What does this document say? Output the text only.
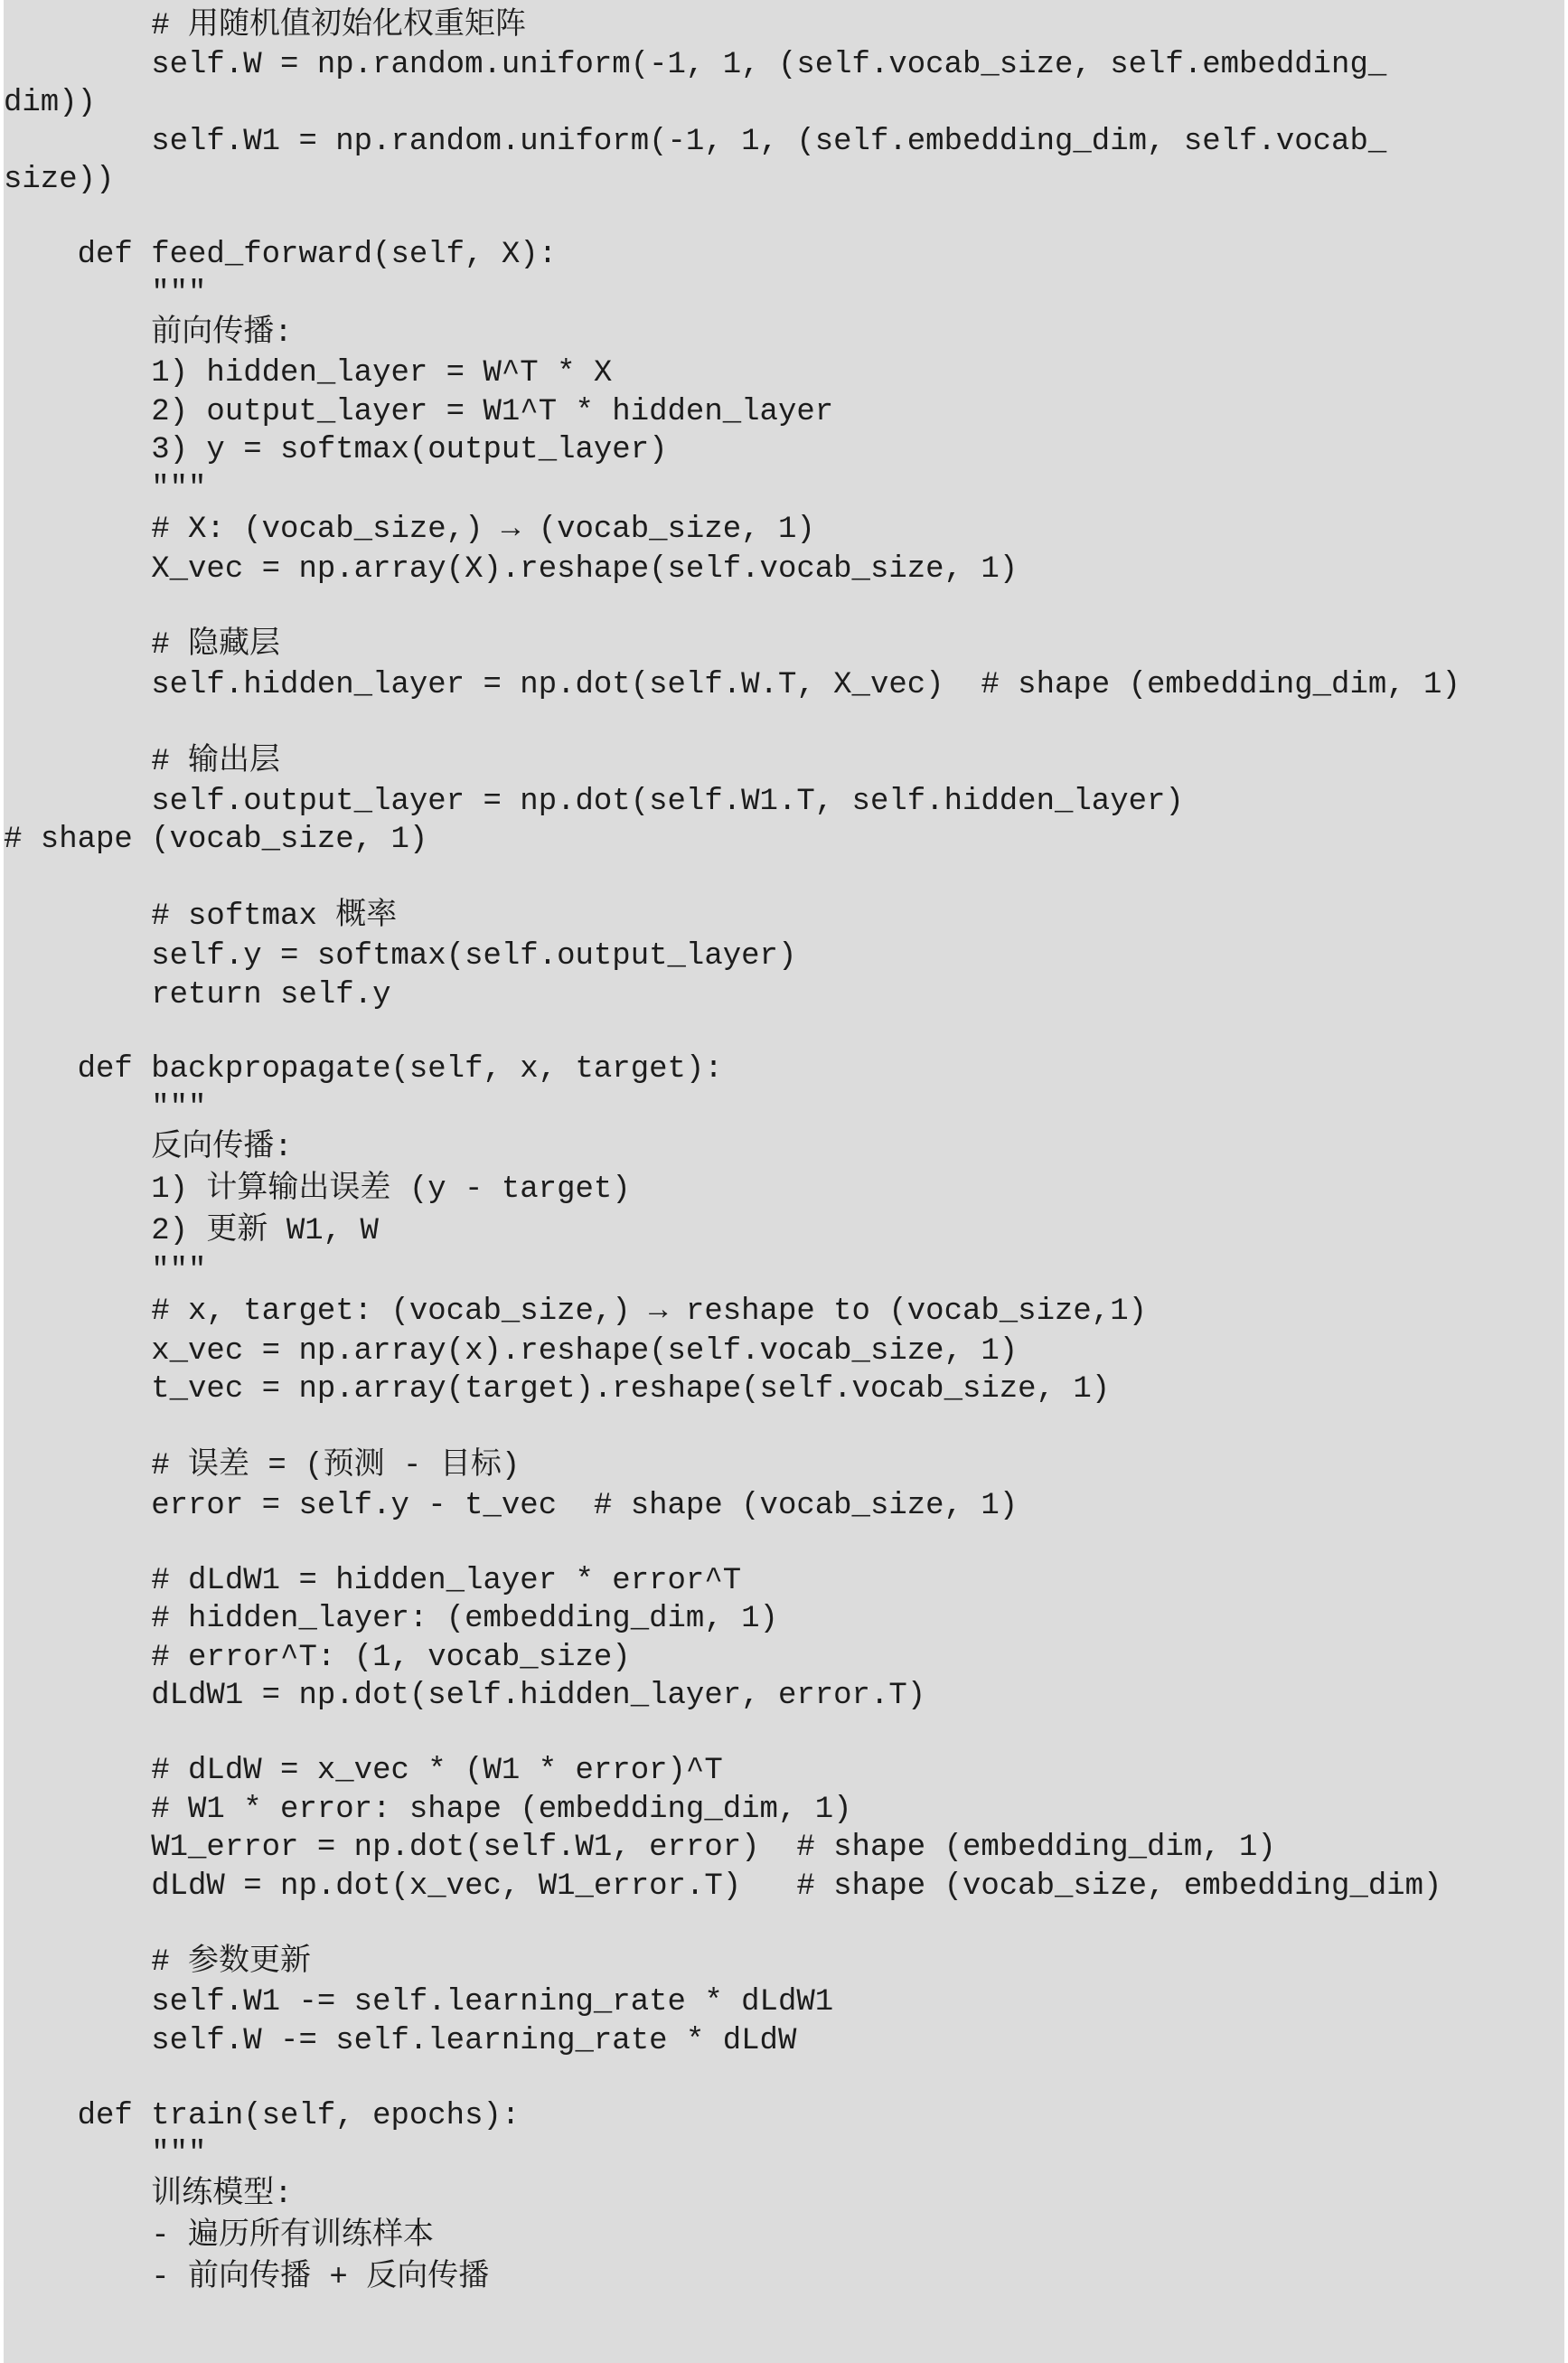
# 用随机值初始化权重矩阵
self.W = np.random.uniform(-1, 1, (self.vocab_size, self.embedding_
dim))
self.W1 = np.random.uniform(-1, 1, (self.embedding_dim, self.vocab_
size))
def feed_forward(self, X):
"""
前向传播:
1) hidden_layer = W^T * X
2) output_layer = W1^T * hidden_layer
3) y = softmax(output_layer)
"""
# X: (vocab_size,) → (vocab_size, 1)
X_vec = np.array(X).reshape(self.vocab_size, 1)
# 隐藏层
self.hidden_layer = np.dot(self.W.T, X_vec)  # shape (embedding_dim, 1)
# 输出层
self.output_layer = np.dot(self.W1.T, self.hidden_layer)
# shape (vocab_size, 1)
# softmax 概率
self.y = softmax(self.output_layer)
return self.y
def backpropagate(self, x, target):
"""
反向传播:
1) 计算输出误差 (y - target)
2) 更新 W1, W
"""
# x, target: (vocab_size,) → reshape to (vocab_size,1)
x_vec = np.array(x).reshape(self.vocab_size, 1)
t_vec = np.array(target).reshape(self.vocab_size, 1)
# 误差 = (预测 - 目标)
error = self.y - t_vec  # shape (vocab_size, 1)
# dLdW1 = hidden_layer * error^T
# hidden_layer: (embedding_dim, 1)
# error^T: (1, vocab_size)
dLdW1 = np.dot(self.hidden_layer, error.T)
# dLdW = x_vec * (W1 * error)^T
# W1 * error: shape (embedding_dim, 1)
W1_error = np.dot(self.W1, error)  # shape (embedding_dim, 1)
dLdW = np.dot(x_vec, W1_error.T)   # shape (vocab_size, embedding_dim)
# 参数更新
self.W1 -= self.learning_rate * dLdW1
self.W -= self.learning_rate * dLdW
def train(self, epochs):
"""
训练模型:
- 遍历所有训练样本
- 前向传播 + 反向传播
